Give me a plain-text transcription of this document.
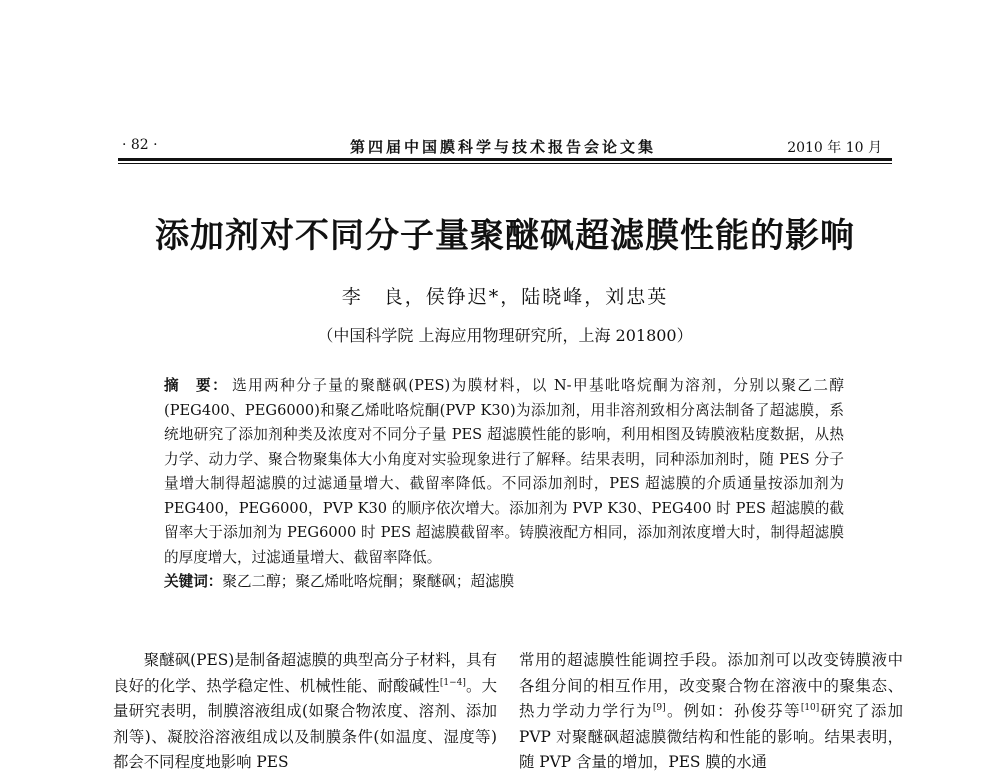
· 82 ·	第四届中国膜科学与技术报告会论文集	2010 年 10 月
添加剂对不同分子量聚醚砜超滤膜性能的影响
李　良，侯铮迟*，陆晓峰，刘忠英
（中国科学院 上海应用物理研究所，上海 201800）
摘　要： 选用两种分子量的聚醚砜(PES)为膜材料，以 N-甲基吡咯烷酮为溶剂，分别以聚乙二醇(PEG400、PEG6000)和聚乙烯吡咯烷酮(PVP K30)为添加剂，用非溶剂致相分离法制备了超滤膜，系统地研究了添加剂种类及浓度对不同分子量 PES 超滤膜性能的影响，利用相图及铸膜液粘度数据，从热力学、动力学、聚合物聚集体大小角度对实验现象进行了解释。结果表明，同种添加剂时，随 PES 分子量增大制得超滤膜的过滤通量增大、截留率降低。不同添加剂时，PES 超滤膜的介质通量按添加剂为 PEG400，PEG6000，PVP K30 的顺序依次增大。添加剂为 PVP K30、PEG400 时 PES 超滤膜的截留率大于添加剂为 PEG6000 时 PES 超滤膜截留率。铸膜液配方相同，添加剂浓度增大时，制得超滤膜的厚度增大，过滤通量增大、截留率降低。
关键词：聚乙二醇；聚乙烯吡咯烷酮；聚醚砜；超滤膜
聚醚砜(PES)是制备超滤膜的典型高分子材料，具有良好的化学、热学稳定性、机械性能、耐酸碱性[1−4]。大量研究表明，制膜溶液组成(如聚合物浓度、溶剂、添加剂等)、凝胶浴溶液组成以及制膜条件(如温度、湿度等)都会不同程度地影响 PES
常用的超滤膜性能调控手段。添加剂可以改变铸膜液中各组分间的相互作用，改变聚合物在溶液中的聚集态、热力学动力学行为[9]。例如：孙俊芬等[10]研究了添加 PVP 对聚醚砜超滤膜微结构和性能的影响。结果表明，随 PVP 含量的增加，PES 膜的水通
